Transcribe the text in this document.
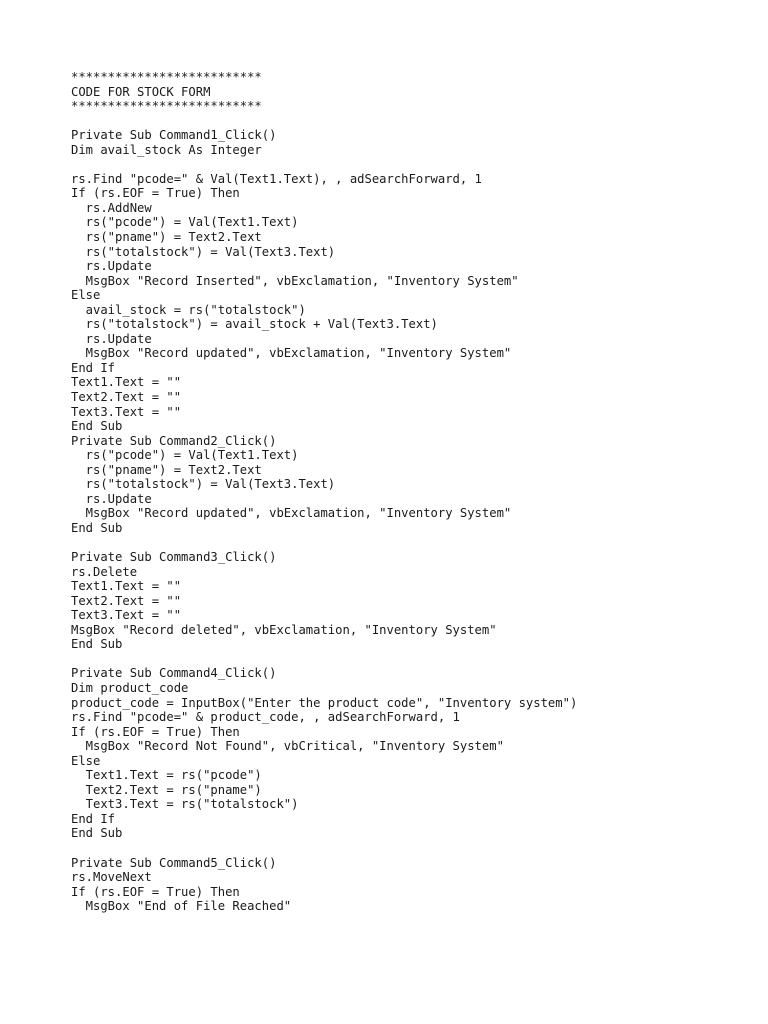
**************************
CODE FOR STOCK FORM
**************************
Private Sub Command1_Click()
Dim avail_stock As Integer
rs.Find "pcode=" & Val(Text1.Text), , adSearchForward, 1
If (rs.EOF = True) Then
rs.AddNew
rs("pcode") = Val(Text1.Text)
rs("pname") = Text2.Text
rs("totalstock") = Val(Text3.Text)
rs.Update
MsgBox "Record Inserted", vbExclamation, "Inventory System"
Else
avail_stock = rs("totalstock")
rs("totalstock") = avail_stock + Val(Text3.Text)
rs.Update
MsgBox "Record updated", vbExclamation, "Inventory System"
End If
Text1.Text = ""
Text2.Text = ""
Text3.Text = ""
End Sub
Private Sub Command2_Click()
rs("pcode") = Val(Text1.Text)
rs("pname") = Text2.Text
rs("totalstock") = Val(Text3.Text)
rs.Update
MsgBox "Record updated", vbExclamation, "Inventory System"
End Sub
Private Sub Command3_Click()
rs.Delete
Text1.Text = ""
Text2.Text = ""
Text3.Text = ""
MsgBox "Record deleted", vbExclamation, "Inventory System"
End Sub
Private Sub Command4_Click()
Dim product_code
product_code = InputBox("Enter the product code", "Inventory system")
rs.Find "pcode=" & product_code, , adSearchForward, 1
If (rs.EOF = True) Then
MsgBox "Record Not Found", vbCritical, "Inventory System"
Else
Text1.Text = rs("pcode")
Text2.Text = rs("pname")
Text3.Text = rs("totalstock")
End If
End Sub
Private Sub Command5_Click()
rs.MoveNext
If (rs.EOF = True) Then
MsgBox "End of File Reached"
